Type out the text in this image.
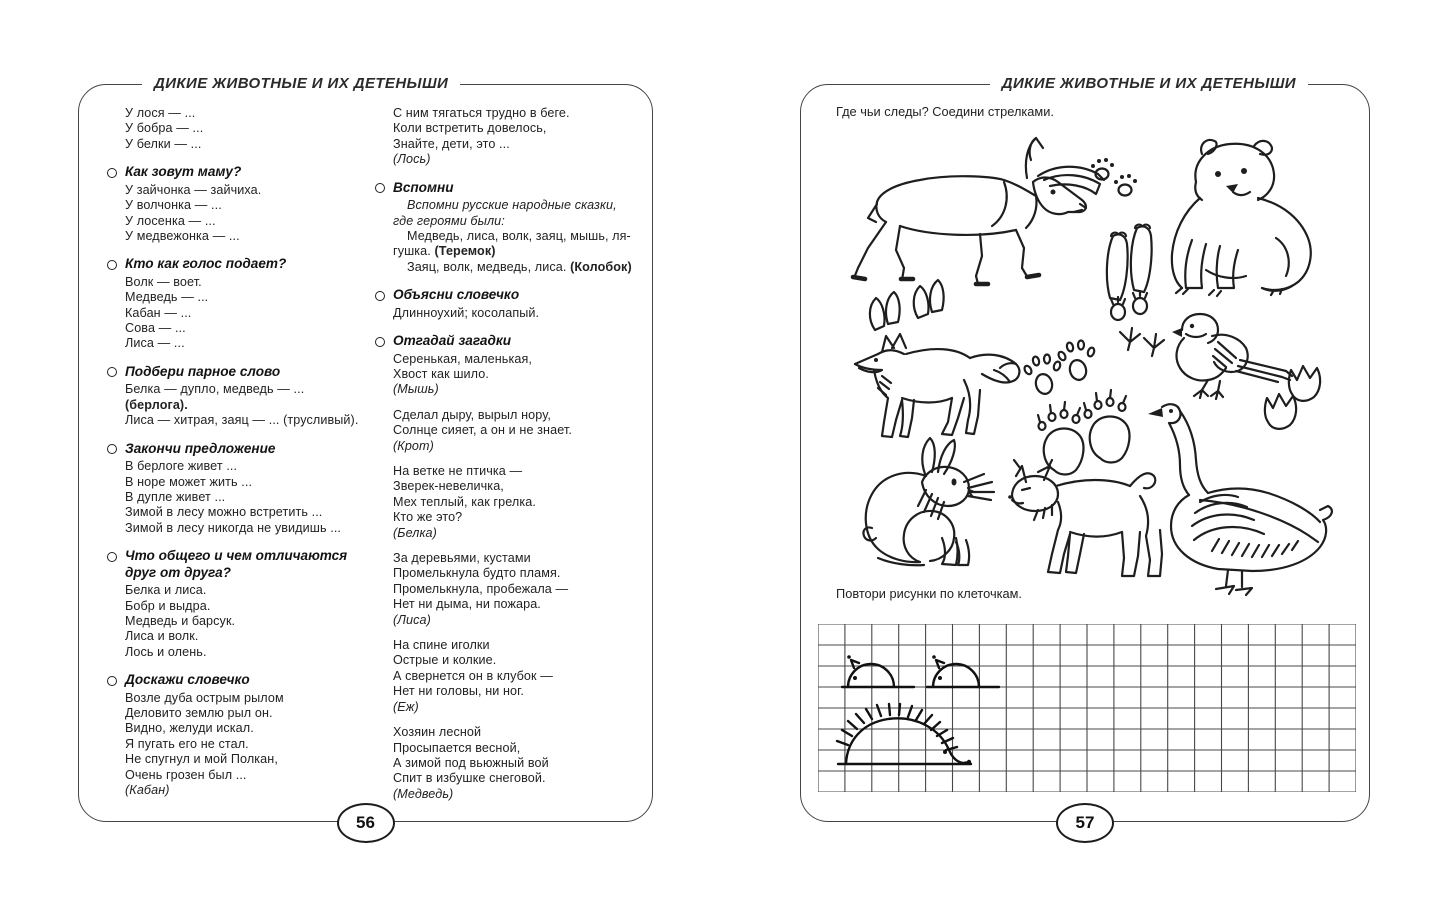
ДИКИЕ ЖИВОТНЫЕ И ИХ ДЕТЕНЫШИ
У лося — ...
У бобра — ...
У белки — ...
Как зовут маму?
У зайчонка — зайчиха.
У волчонка — ...
У лосенка — ...
У медвежонка — ...
Кто как голос подает?
Волк — воет.
Медведь — ...
Кабан — ...
Сова — ...
Лиса — ...
Подбери парное слово
Белка — дупло, медведь — ... (берлога).
Лиса — хитрая, заяц — ... (трусливый).
Закончи предложение
В берлоге живет ...
В норе может жить ...
В дупле живет ...
Зимой в лесу можно встретить ...
Зимой в лесу никогда не увидишь ...
Что общего и чем отличаются друг от друга?
Белка и лиса.
Бобр и выдра.
Медведь и барсук.
Лиса и волк.
Лось и олень.
Доскажи словечко
Возле дуба острым рылом
Деловито землю рыл он.
Видно, желуди искал.
Я пугать его не стал.
Не спугнул и мой Полкан,
Очень грозен был ...
(Кабан)
С ним тягаться трудно в беге.
Коли встретить довелось,
Знайте, дети, это ...
(Лось)
Вспомни
Вспомни русские народные сказки,
где героями были:
Медведь, лиса, волк, заяц, мышь, ля-
гушка. (Теремок)
Заяц, волк, медведь, лиса. (Колобок)
Объясни словечко
Длинноухий; косолапый.
Отгадай загадки
Серенькая, маленькая,
Хвост как шило.
(Мышь)
Сделал дыру, вырыл нору,
Солнце сияет, а он и не знает.
(Крот)
На ветке не птичка —
Зверек-невеличка,
Мех теплый, как грелка.
Кто же это?
(Белка)
За деревьями, кустами
Промелькнула будто пламя.
Промелькнула, пробежала —
Нет ни дыма, ни пожара.
(Лиса)
На спине иголки
Острые и колкие.
А свернется он в клубок —
Нет ни головы, ни ног.
(Еж)
Хозяин лесной
Просыпается весной,
А зимой под вьюжный вой
Спит в избушке снеговой.
(Медведь)
56
ДИКИЕ ЖИВОТНЫЕ И ИХ ДЕТЕНЫШИ
Где чьи следы? Соедини стрелками.
Повтори рисунки по клеточкам.
57
